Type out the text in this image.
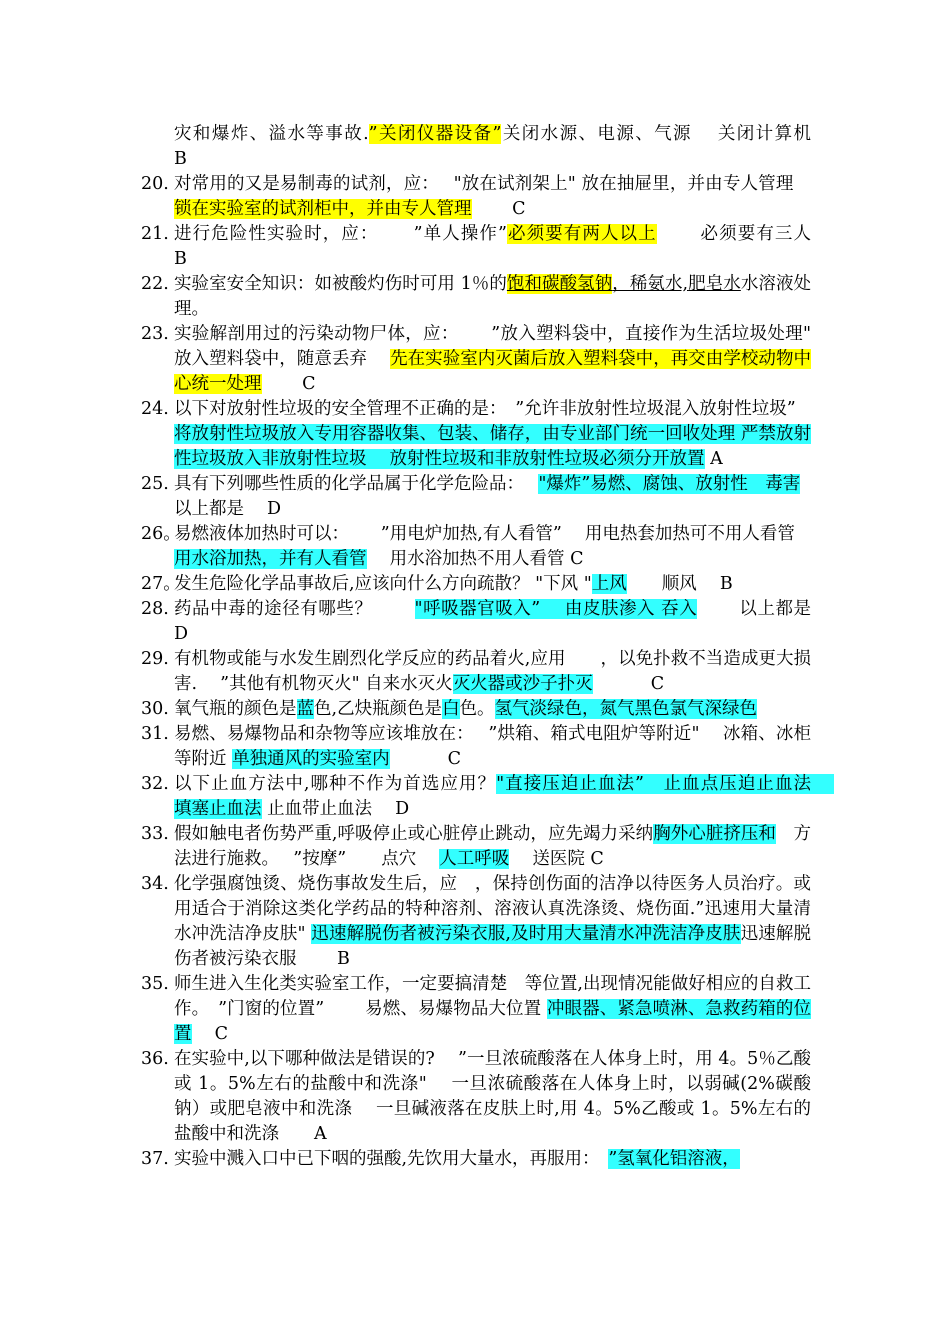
灾和爆炸、溢水等事故.”关闭仪器设备”关闭水源、电源、气源　 关闭计算机　　　 B
20. 对常用的又是易制毒的试剂，应：　 "放在试剂架上" 放在抽屉里，并由专人管理　 锁在实验室的试剂柜中，并由专人管理　　 C
21. 进行危险性实验时，应：　　 ”单人操作”必须要有两人以上　　 必须要有三人　　　 B
22. 实验室安全知识：如被酸灼伤时可用 1％的饱和碳酸氢钠，稀氨水,肥皂水水溶液处理。
23. 实验解剖用过的污染动物尸体，应：　　 ”放入塑料袋中，直接作为生活垃圾处理" 放入塑料袋中，随意丢弃　 先在实验室内灭菌后放入塑料袋中，再交由学校动物中心统一处理　　 C
24. 以下对放射性垃圾的安全管理不正确的是：　”允许非放射性垃圾混入放射性垃圾”　 将放射性垃圾放入专用容器收集、包装、储存，由专业部门统一回收处理 严禁放射性垃圾放入非放射性垃圾　 放射性垃圾和非放射性垃圾必须分开放置 A
25. 具有下列哪些性质的化学品属于化学危险品：　 "爆炸”易燃、腐蚀、放射性　毒害　 以上都是　 D
26。
易燃液体加热时可以：　　 ”用电炉加热,有人看管”　 用电热套加热可不用人看管　 用水浴加热，并有人看管　 用水浴加热不用人看管 C
27。
发生危险化学品事故后,应该向什么方向疏散？ "下风 "上风　　顺风　 B
28. 药品中毒的途径有哪些？　　 "呼吸器官吸入”　 由皮肤渗入 吞入　　 以上都是　D
29. 有机物或能与水发生剧烈化学反应的药品着火,应用　　，以免扑救不当造成更大损害.　 ”其他有机物灭火" 自来水灭火灭火器或沙子扑灭　　　 C
30. 氧气瓶的颜色是蓝色,乙炔瓶颜色是白色。氢气淡绿色，氮气黑色氯气深绿色
31. 易燃、易爆物品和杂物等应该堆放在：　 ”烘箱、箱式电阻炉等附近"　 冰箱、冰柜等附近 单独通风的实验室内　　　 C
32. 以下止血方法中,哪种不作为首选应用？"直接压迫止血法”　止血点压迫止血法　 填塞止血法 止血带止血法　 D
33. 假如触电者伤势严重,呼吸停止或心脏停止跳动，应先竭力采纳胸外心脏挤压和　方法进行施救。　 ”按摩”　　点穴　 人工呼吸　 送医院 C
34. 化学强腐蚀烫、烧伤事故发生后，应　，保持创伤面的洁净以待医务人员治疗。或用适合于消除这类化学药品的特种溶剂、溶液认真洗涤烫、烧伤面.”迅速用大量清水冲洗洁净皮肤" 迅速解脱伤者被污染衣服,及时用大量清水冲洗洁净皮肤迅速解脱伤者被污染衣服　　 B
35. 师生进入生化类实验室工作，一定要搞清楚　等位置,出现情况能做好相应的自救工作。　”门窗的位置”　　 易燃、易爆物品大位置 冲眼器、紧急喷淋、急救药箱的位置　 C
36. 在实验中,以下哪种做法是错误的?　 ”一旦浓硫酸落在人体身上时，用 4。5％乙酸或 1。5%左右的盐酸中和洗涤"　 一旦浓硫酸落在人体身上时，以弱碱(2%碳酸钠）或肥皂液中和洗涤　 一旦碱液落在皮肤上时,用 4。5%乙酸或 1。5%左右的盐酸中和洗涤　　A
37. 实验中溅入口中已下咽的强酸,先饮用大量水，再服用：　”氢氧化铝溶液，
